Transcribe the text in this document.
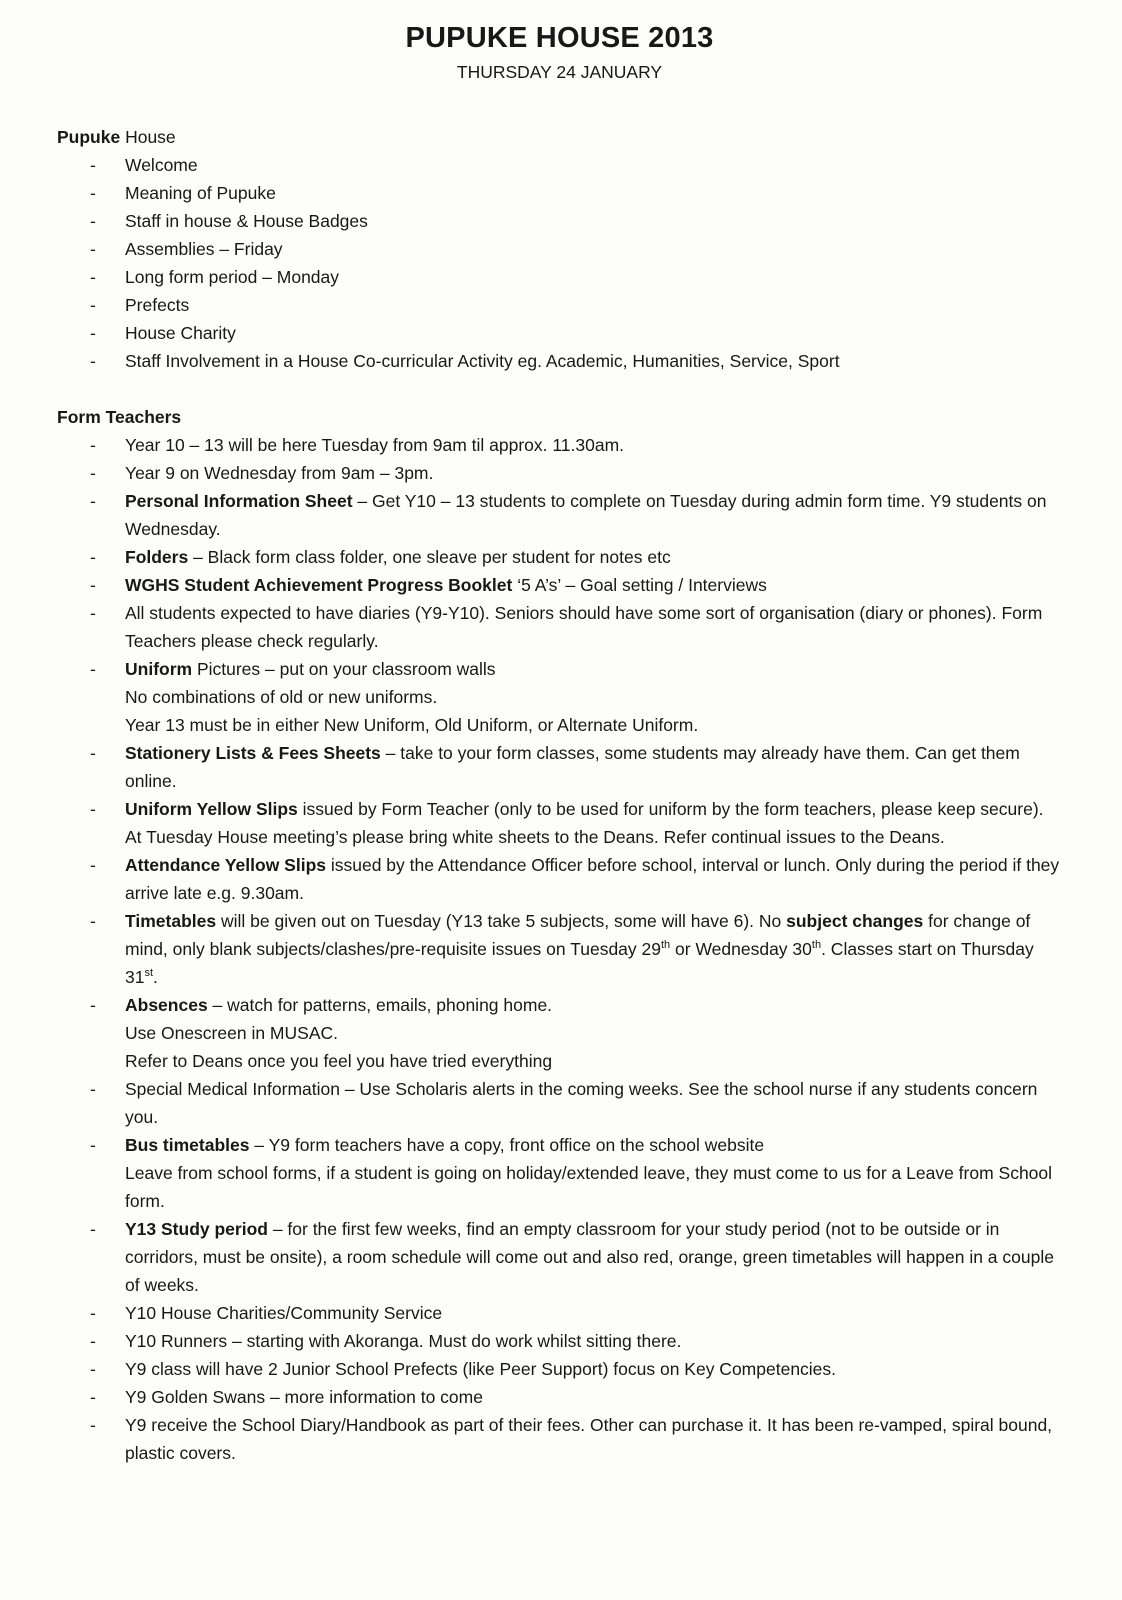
PUPUKE HOUSE 2013
THURSDAY 24 JANUARY
Pupuke House
-	Welcome
-	Meaning of Pupuke
-	Staff in house & House Badges
-	Assemblies – Friday
-	Long form period – Monday
-	Prefects
-	House Charity
-	Staff Involvement in a House Co-curricular Activity eg. Academic, Humanities, Service, Sport
Form Teachers
-	Year 10 – 13 will be here Tuesday from 9am til approx. 11.30am.
-	Year 9 on Wednesday from 9am – 3pm.
-	Personal Information Sheet – Get Y10 – 13 students to complete on Tuesday during admin form time. Y9 students on Wednesday.
-	Folders – Black form class folder, one sleave per student for notes etc
-	WGHS Student Achievement Progress Booklet ‘5 A’s’ – Goal setting / Interviews
-	All students expected to have diaries (Y9-Y10). Seniors should have some sort of organisation (diary or phones). Form Teachers please check regularly.
-	Uniform Pictures – put on your classroom walls
No combinations of old or new uniforms.
Year 13 must be in either New Uniform, Old Uniform, or Alternate Uniform.
-	Stationery Lists & Fees Sheets – take to your form classes, some students may already have them. Can get them online.
-	Uniform Yellow Slips issued by Form Teacher (only to be used for uniform by the form teachers, please keep secure). At Tuesday House meeting’s please bring white sheets to the Deans. Refer continual issues to the Deans.
-	Attendance Yellow Slips issued by the Attendance Officer before school, interval or lunch. Only during the period if they arrive late e.g. 9.30am.
-	Timetables will be given out on Tuesday (Y13 take 5 subjects, some will have 6). No subject changes for change of mind, only blank subjects/clashes/pre-requisite issues on Tuesday 29th or Wednesday 30th. Classes start on Thursday 31st.
-	Absences – watch for patterns, emails, phoning home.
Use Onescreen in MUSAC.
Refer to Deans once you feel you have tried everything
-	Special Medical Information – Use Scholaris alerts in the coming weeks. See the school nurse if any students concern you.
-	Bus timetables – Y9 form teachers have a copy, front office on the school website
Leave from school forms, if a student is going on holiday/extended leave, they must come to us for a Leave from School form.
-	Y13 Study period – for the first few weeks, find an empty classroom for your study period (not to be outside or in corridors, must be onsite), a room schedule will come out and also red, orange, green timetables will happen in a couple of weeks.
-	Y10 House Charities/Community Service
-	Y10 Runners – starting with Akoranga. Must do work whilst sitting there.
-	Y9 class will have 2 Junior School Prefects (like Peer Support) focus on Key Competencies.
-	Y9 Golden Swans – more information to come
-	Y9 receive the School Diary/Handbook as part of their fees. Other can purchase it. It has been re-vamped, spiral bound, plastic covers.
